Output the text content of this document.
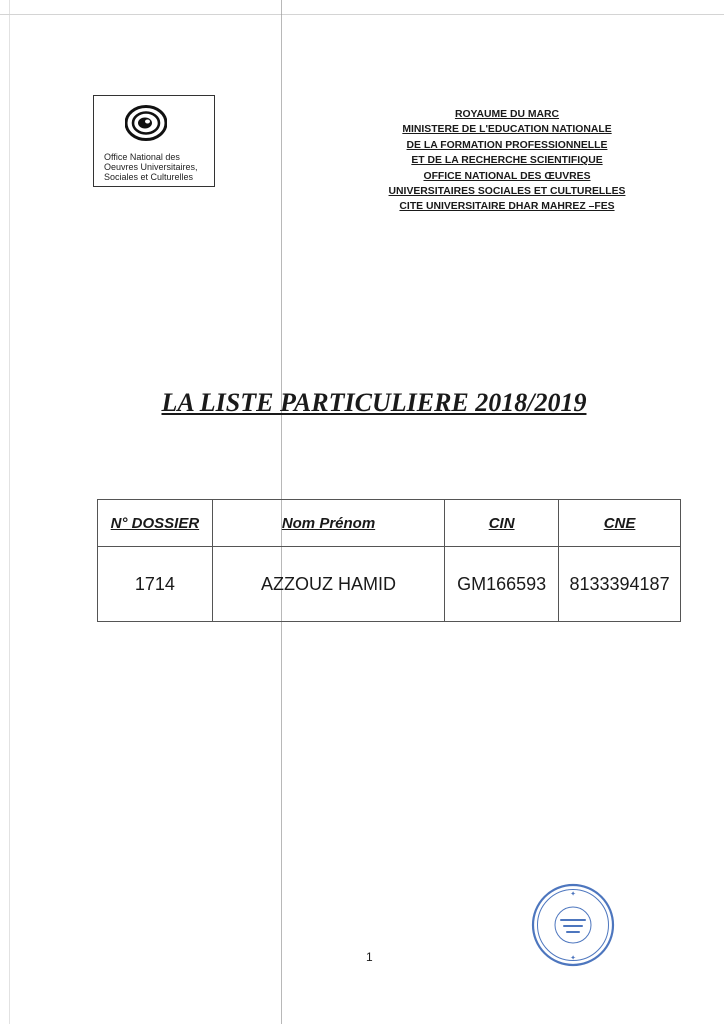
Office National des
Oeuvres Universitaires,
Sociales et Culturelles
ROYAUME DU MARC
MINISTERE DE L'EDUCATION NATIONALE
DE LA FORMATION PROFESSIONNELLE
ET DE LA RECHERCHE SCIENTIFIQUE
OFFICE NATIONAL DES ŒUVRES
UNIVERSITAIRES SOCIALES ET CULTURELLES
CITE UNIVERSITAIRE DHAR MAHREZ –FES
LA LISTE PARTICULIERE 2018/2019
N° DOSSIER	Nom Prénom	CIN	CNE
1714	AZZOUZ HAMID	GM166593	8133394187
1
✦
✦
